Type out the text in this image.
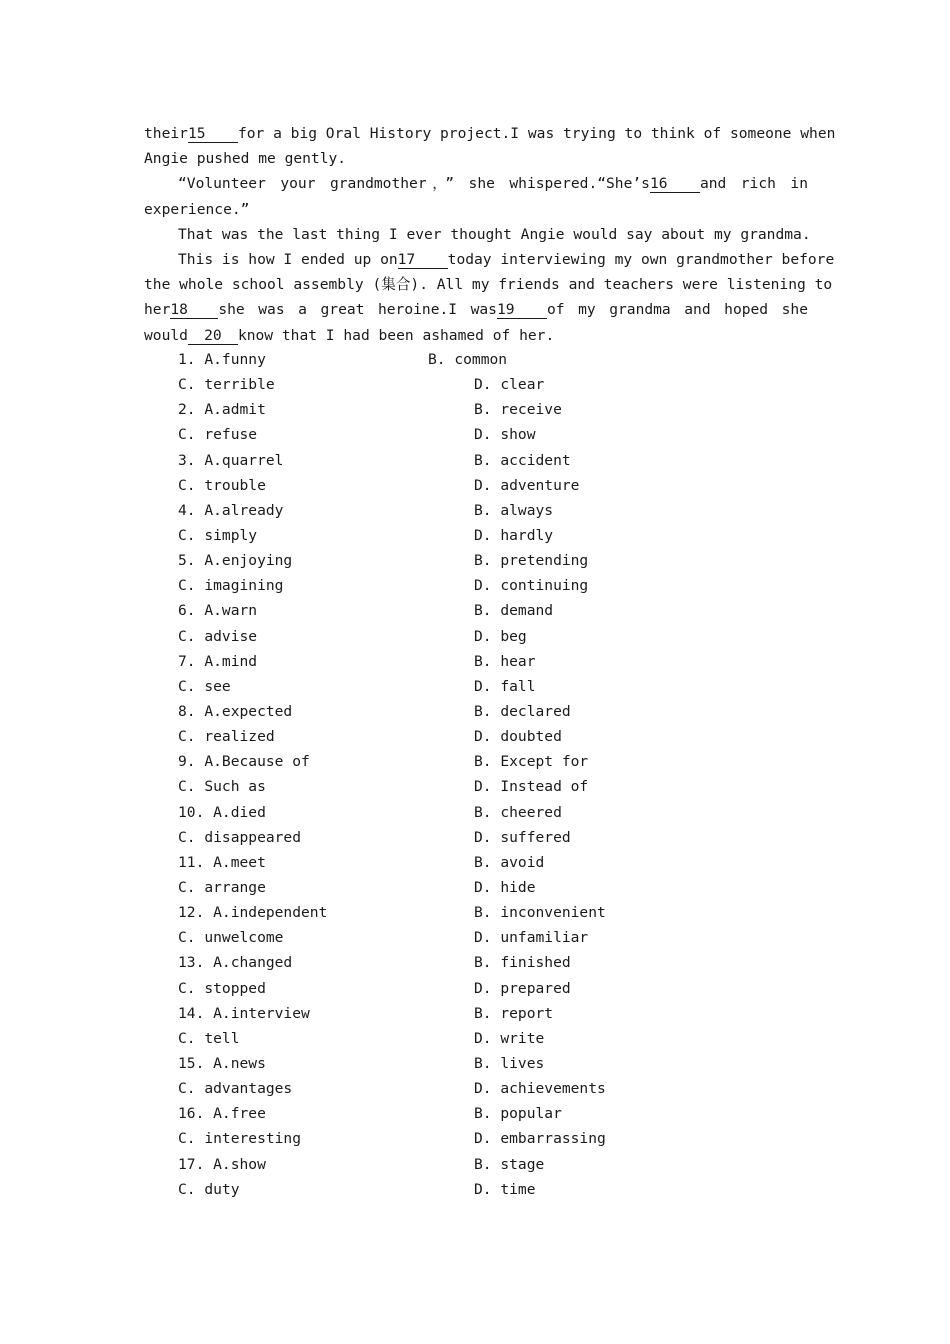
their15 for a big Oral History project.I was trying to think of someone when
Angie pushed me gently.
“Volunteer your grandmother，” she whispered.“She’s16 and rich in
experience.”
That was the last thing I ever thought Angie would say about my grandma.
This is how I ended up on17 today interviewing my own grandmother before
the whole school assembly (集合). All my friends and teachers were listening to
her18 she was a great heroine.I was19 of my grandma and hoped she
would 20 know that I had been ashamed of her.
1. A.funny	B. common
C. terrible	D. clear
2. A.admit	B. receive
C. refuse	D. show
3. A.quarrel	B. accident
C. trouble	D. adventure
4. A.already	B. always
C. simply	D. hardly
5. A.enjoying	B. pretending
C. imagining	D. continuing
6. A.warn	B. demand
C. advise	D. beg
7. A.mind	B. hear
C. see	D. fall
8. A.expected	B. declared
C. realized	D. doubted
9. A.Because of	B. Except for
C. Such as	D. Instead of
10. A.died	B. cheered
C. disappeared	D. suffered
11. A.meet	B. avoid
C. arrange	D. hide
12. A.independent	B. inconvenient
C. unwelcome	D. unfamiliar
13. A.changed	B. finished
C. stopped	D. prepared
14. A.interview	B. report
C. tell	D. write
15. A.news	B. lives
C. advantages	D. achievements
16. A.free	B. popular
C. interesting	D. embarrassing
17. A.show	B. stage
C. duty	D. time
